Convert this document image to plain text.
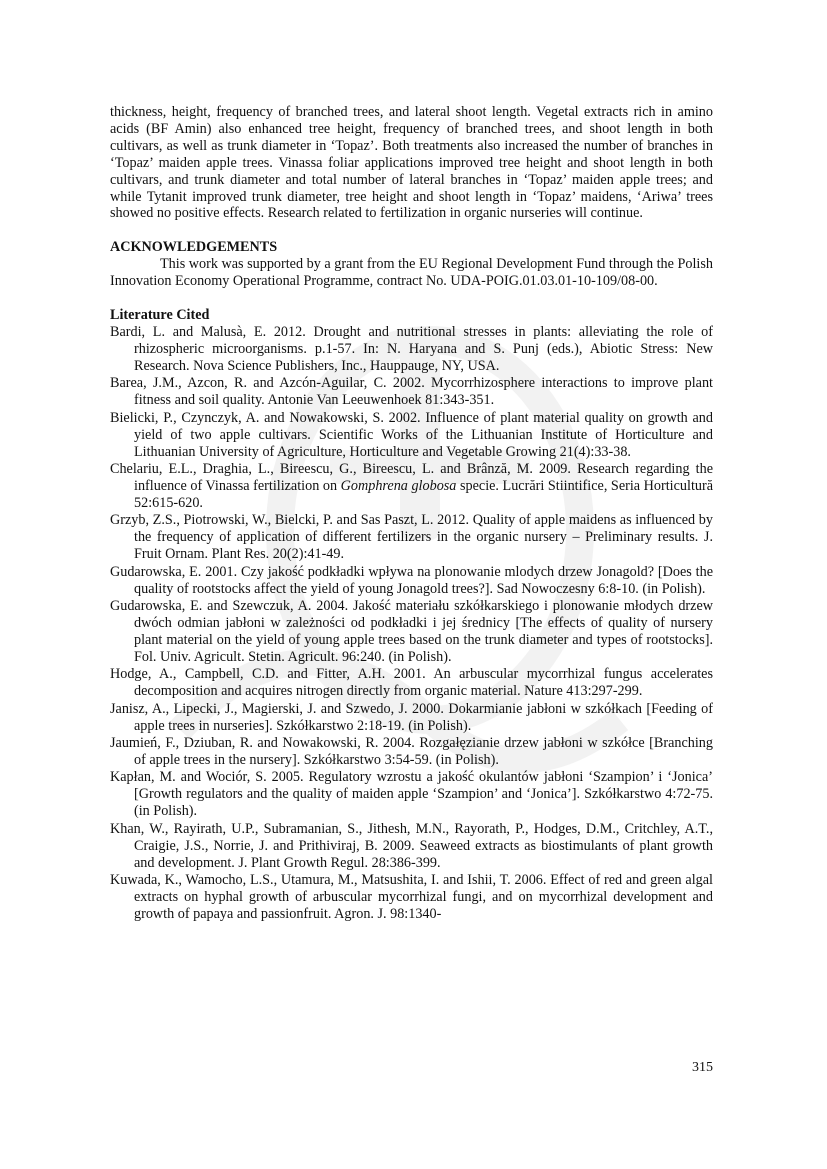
thickness, height, frequency of branched trees, and lateral shoot length. Vegetal extracts rich in amino acids (BF Amin) also enhanced tree height, frequency of branched trees, and shoot length in both cultivars, as well as trunk diameter in ‘Topaz’. Both treatments also increased the number of branches in ‘Topaz’ maiden apple trees. Vinassa foliar applications improved tree height and shoot length in both cultivars, and trunk diameter and total number of lateral branches in ‘Topaz’ maiden apple trees; and while Tytanit improved trunk diameter, tree height and shoot length in ‘Topaz’ maidens, ‘Ariwa’ trees showed no positive effects. Research related to fertilization in organic nurseries will continue.

ACKNOWLEDGEMENTS

This work was supported by a grant from the EU Regional Development Fund through the Polish Innovation Economy Operational Programme, contract No. UDA-POIG.01.03.01-10-109/08-00.

Literature Cited

Bardi, L. and Malusà, E. 2012. Drought and nutritional stresses in plants: alleviating the role of rhizospheric microorganisms. p.1-57. In: N. Haryana and S. Punj (eds.), Abiotic Stress: New Research. Nova Science Publishers, Inc., Hauppauge, NY, USA.
Barea, J.M., Azcon, R. and Azcón-Aguilar, C. 2002. Mycorrhizosphere interactions to improve plant fitness and soil quality. Antonie Van Leeuwenhoek 81:343-351.
Bielicki, P., Czynczyk, A. and Nowakowski, S. 2002. Influence of plant material quality on growth and yield of two apple cultivars. Scientific Works of the Lithuanian Institute of Horticulture and Lithuanian University of Agriculture, Horticulture and Vegetable Growing 21(4):33-38.
Chelariu, E.L., Draghia, L., Bireescu, G., Bireescu, L. and Brânză, M. 2009. Research regarding the influence of Vinassa fertilization on Gomphrena globosa specie. Lucrări Stiintifice, Seria Horticultură 52:615-620.
Grzyb, Z.S., Piotrowski, W., Bielcki, P. and Sas Paszt, L. 2012. Quality of apple maidens as influenced by the frequency of application of different fertilizers in the organic nursery – Preliminary results. J. Fruit Ornam. Plant Res. 20(2):41-49.
Gudarowska, E. 2001. Czy jakość podkładki wpływa na plonowanie mlodych drzew Jonagold? [Does the quality of rootstocks affect the yield of young Jonagold trees?]. Sad Nowoczesny 6:8-10. (in Polish).
Gudarowska, E. and Szewczuk, A. 2004. Jakość materiału szkółkarskiego i plonowanie młodych drzew dwóch odmian jabłoni w zależności od podkładki i jej średnicy [The effects of quality of nursery plant material on the yield of young apple trees based on the trunk diameter and types of rootstocks]. Fol. Univ. Agricult. Stetin. Agricult. 96:240. (in Polish).
Hodge, A., Campbell, C.D. and Fitter, A.H. 2001. An arbuscular mycorrhizal fungus accelerates decomposition and acquires nitrogen directly from organic material. Nature 413:297-299.
Janisz, A., Lipecki, J., Magierski, J. and Szwedo, J. 2000. Dokarmianie jabłoni w szkółkach [Feeding of apple trees in nurseries]. Szkółkarstwo 2:18-19. (in Polish).
Jaumień, F., Dziuban, R. and Nowakowski, R. 2004. Rozgałęzianie drzew jabłoni w szkółce [Branching of apple trees in the nursery]. Szkółkarstwo 3:54-59. (in Polish).
Kapłan, M. and Wociór, S. 2005. Regulatory wzrostu a jakość okulantów jabłoni ‘Szampion’ i ‘Jonica’ [Growth regulators and the quality of maiden apple ‘Szampion’ and ‘Jonica’]. Szkółkarstwo 4:72-75. (in Polish).
Khan, W., Rayirath, U.P., Subramanian, S., Jithesh, M.N., Rayorath, P., Hodges, D.M., Critchley, A.T., Craigie, J.S., Norrie, J. and Prithiviraj, B. 2009. Seaweed extracts as biostimulants of plant growth and development. J. Plant Growth Regul. 28:386-399.
Kuwada, K., Wamocho, L.S., Utamura, M., Matsushita, I. and Ishii, T. 2006. Effect of red and green algal extracts on hyphal growth of arbuscular mycorrhizal fungi, and on mycorrhizal development and growth of papaya and passionfruit. Agron. J. 98:1340-
315
